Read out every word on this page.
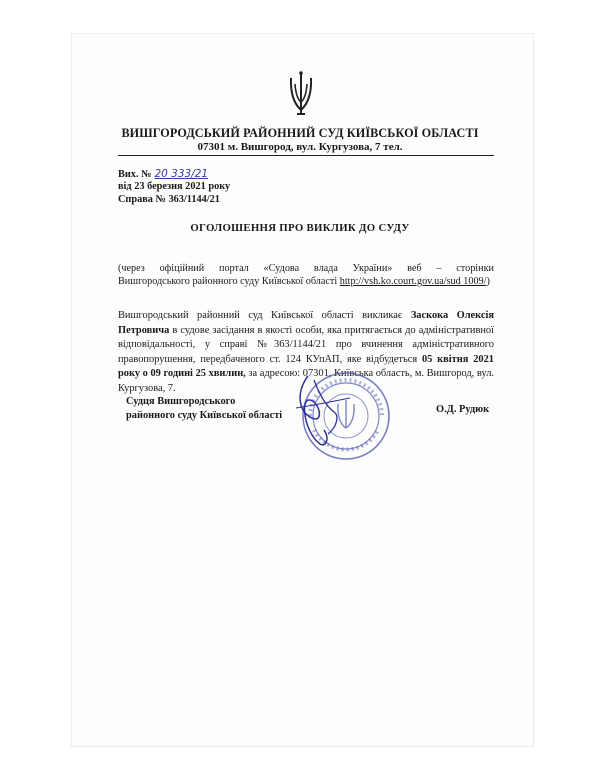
ВИШГОРОДСЬКИЙ РАЙОННИЙ СУД КИЇВСЬКОЇ ОБЛАСТІ
07301 м. Вишгород, вул. Кургузова, 7 тел.
Вих. № 20 333/21
від 23 березня 2021 року
Справа № 363/1144/21
ОГОЛОШЕННЯ ПРО ВИКЛИК ДО СУДУ
(через офіційний портал «Судова влада України» веб – сторінки
Вишгородського районного суду Київської області http://vsh.ko.court.gov.ua/sud 1009/)
Вишгородський районний суд Київської області викликає Заскока Олексія Петровича в судове засідання в якості особи, яка притягається до адміністративної відповідальності, у справі №363/1144/21 про вчинення адміністративного правопорушення, передбаченого ст. 124 КУпАП, яке відбудеться 05 квітня 2021 року о 09 годині 25 хвилин, за адресою: 07301, Київська область, м. Вишгород, вул. Кургузова, 7.
Судця Вишгородського
районного суду Київської області
О.Д. Рудюк
